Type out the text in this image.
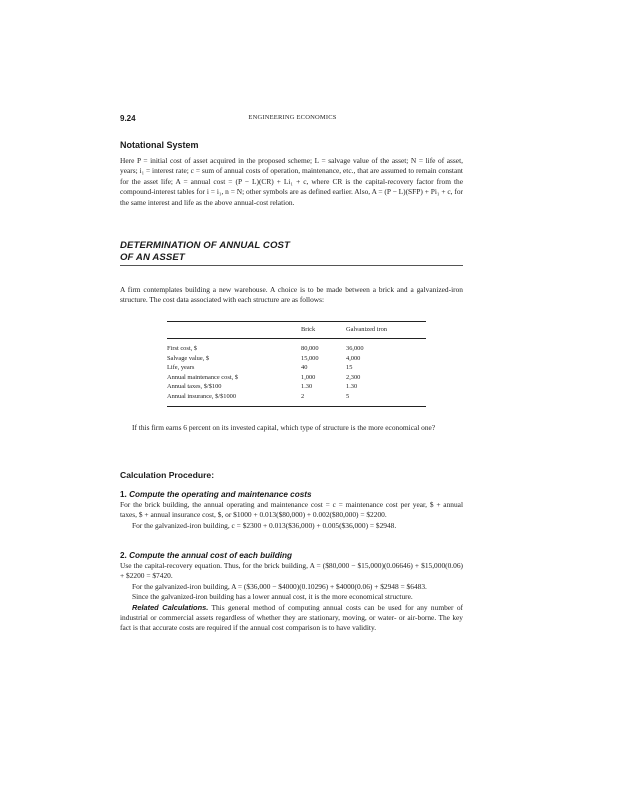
9.24	ENGINEERING ECONOMICS
Notational System

Here P = initial cost of asset acquired in the proposed scheme; L = salvage value of the asset; N = life of asset, years; i₁ = interest rate; c = sum of annual costs of operation, maintenance, etc., that are assumed to remain constant for the asset life; A = annual cost = (P − L)(CR) + Li₁ + c, where CR is the capital-recovery factor from the compound-interest tables for i = i₁, n = N; other symbols are as defined earlier. Also, A = (P − L)(SFP) + Pi₁ + c, for the same interest and life as the above annual-cost relation.

DETERMINATION OF ANNUAL COST
OF AN ASSET

A firm contemplates building a new warehouse. A choice is to be made between a brick and a galvanized-iron structure. The cost data associated with each structure are as follows:

	Brick	Galvanized iron
First cost, $	80,000	36,000
Salvage value, $	15,000	4,000
Life, years	40	15
Annual maintenance cost, $	1,000	2,300
Annual taxes, $/$100	1.30	1.30
Annual insurance, $/$1000	2	5

If this firm earns 6 percent on its invested capital, which type of structure is the more economical one?

Calculation Procedure:
1. Compute the operating and maintenance costs

For the brick building, the annual operating and maintenance cost = c = maintenance cost per year, $ + annual taxes, $ + annual insurance cost, $, or $1000 + 0.013($80,000) + 0.002($80,000) = $2200.

For the galvanized-iron building, c = $2300 + 0.013($36,000) + 0.005($36,000) = $2948.

2. Compute the annual cost of each building

Use the capital-recovery equation. Thus, for the brick building, A = ($80,000 − $15,000)(0.06646) + $15,000(0.06) + $2200 = $7420.

For the galvanized-iron building, A = ($36,000 − $4000)(0.10296) + $4000(0.06) + $2948 = $6483.

Since the galvanized-iron building has a lower annual cost, it is the more economical structure.

Related Calculations. This general method of computing annual costs can be used for any number of industrial or commercial assets regardless of whether they are stationary, moving, or water- or air-borne. The key fact is that accurate costs are required if the annual cost comparison is to have validity.
